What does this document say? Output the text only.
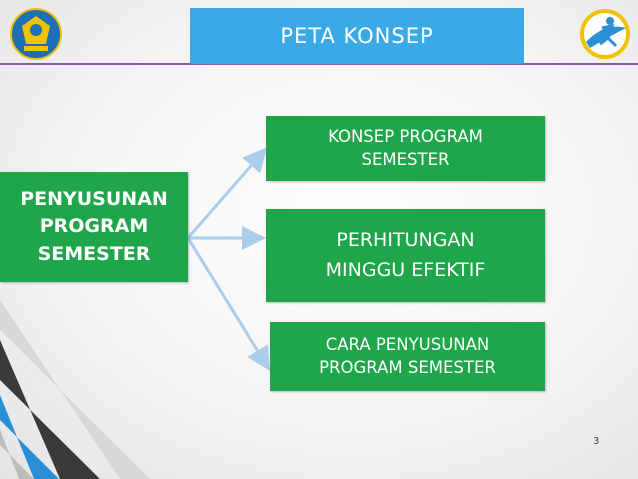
PETA KONSEP
PENYUSUNAN
PROGRAM
SEMESTER
KONSEP PROGRAM
SEMESTER
PERHITUNGAN
MINGGU EFEKTIF
CARA PENYUSUNAN
PROGRAM SEMESTER
3
